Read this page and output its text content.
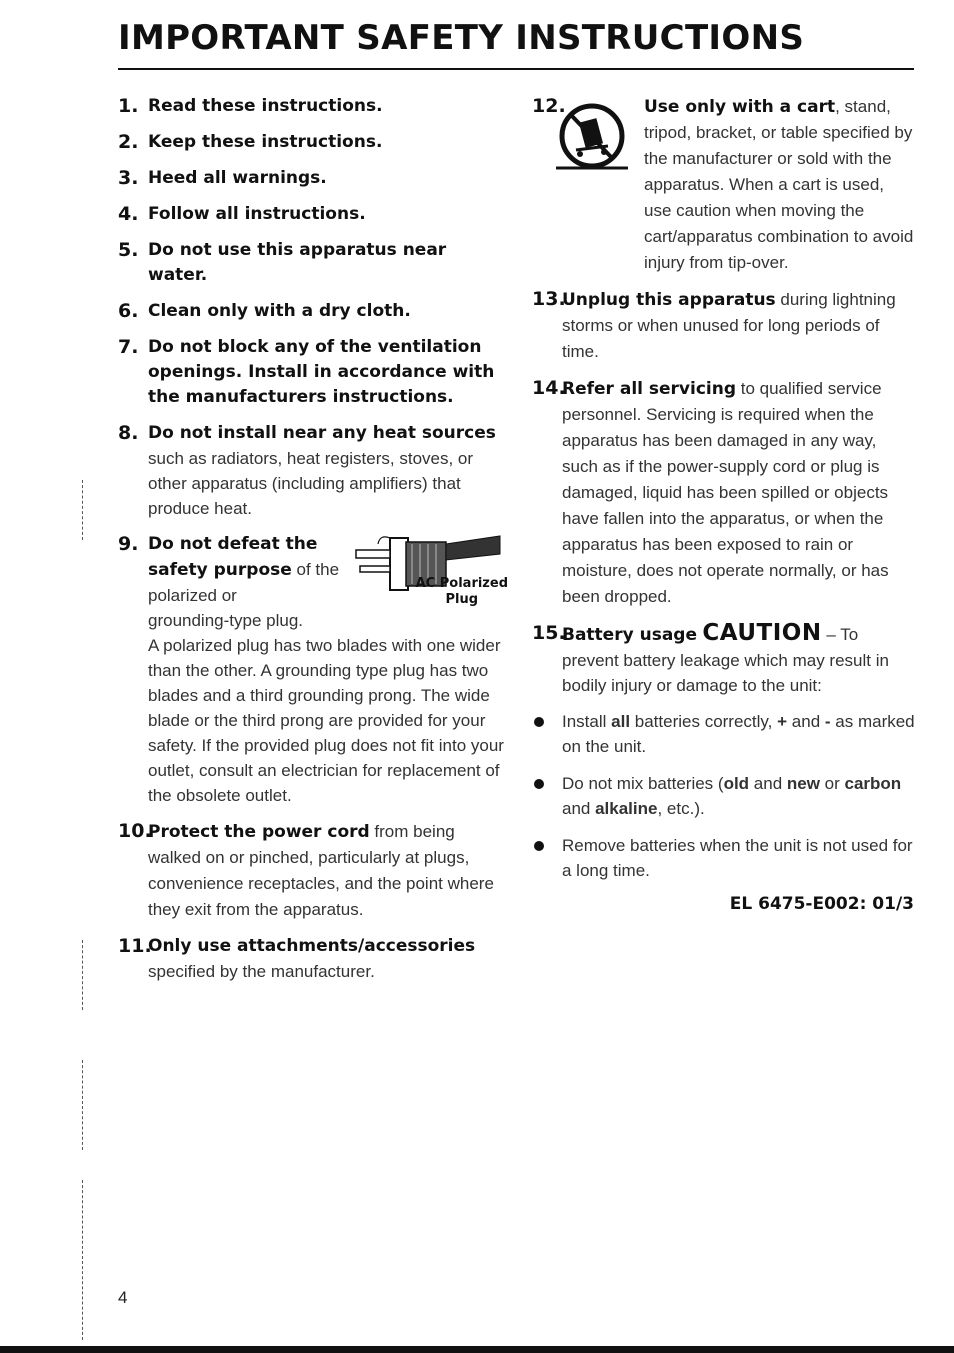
IMPORTANT SAFETY INSTRUCTIONS
1. Read these instructions.
2. Keep these instructions.
3. Heed all warnings.
4. Follow all instructions.
5. Do not use this apparatus near water.
6. Clean only with a dry cloth.
7. Do not block any of the ventilation openings. Install in accordance with the manufacturers instructions.
8. Do not install near any heat sources
such as radiators, heat registers, stoves, or other apparatus (including amplifiers) that produce heat.
9.
AC Polarized
Plug
Do not defeat the
safety purpose of the
polarized or
grounding-type plug.
A polarized plug has two blades with one wider than the other. A grounding type plug has two blades and a third grounding prong. The wide blade or the third prong are provided for your safety. If the provided plug does not fit into your outlet, consult an electrician for replacement of the obsolete outlet.
10.
Protect the power cord from being walked on or pinched, particularly at plugs, convenience receptacles, and the point where they exit from the apparatus.
11.
Only use attachments/accessories
specified by the manufacturer.
12.	Use only with a cart, stand, tripod, bracket, or table specified by the manufacturer or sold with the apparatus. When a cart is used, use caution when moving the cart/apparatus combination to avoid injury from tip-over.
13.
Unplug this apparatus during lightning storms or when unused for long periods of time.
14.
Refer all servicing to qualified service personnel. Servicing is required when the apparatus has been damaged in any way, such as if the power-supply cord or plug is damaged, liquid has been spilled or objects have fallen into the apparatus, or when the apparatus has been exposed to rain or moisture, does not operate normally, or has been dropped.
15.
Battery usage CAUTION – To
prevent battery leakage which may result in bodily injury or damage to the unit:
Install all batteries correctly, + and - as marked on the unit.
Do not mix batteries (old and new or carbon and alkaline, etc.).
Remove batteries when the unit is not used for a long time.
EL 6475-E002: 01/3
4
